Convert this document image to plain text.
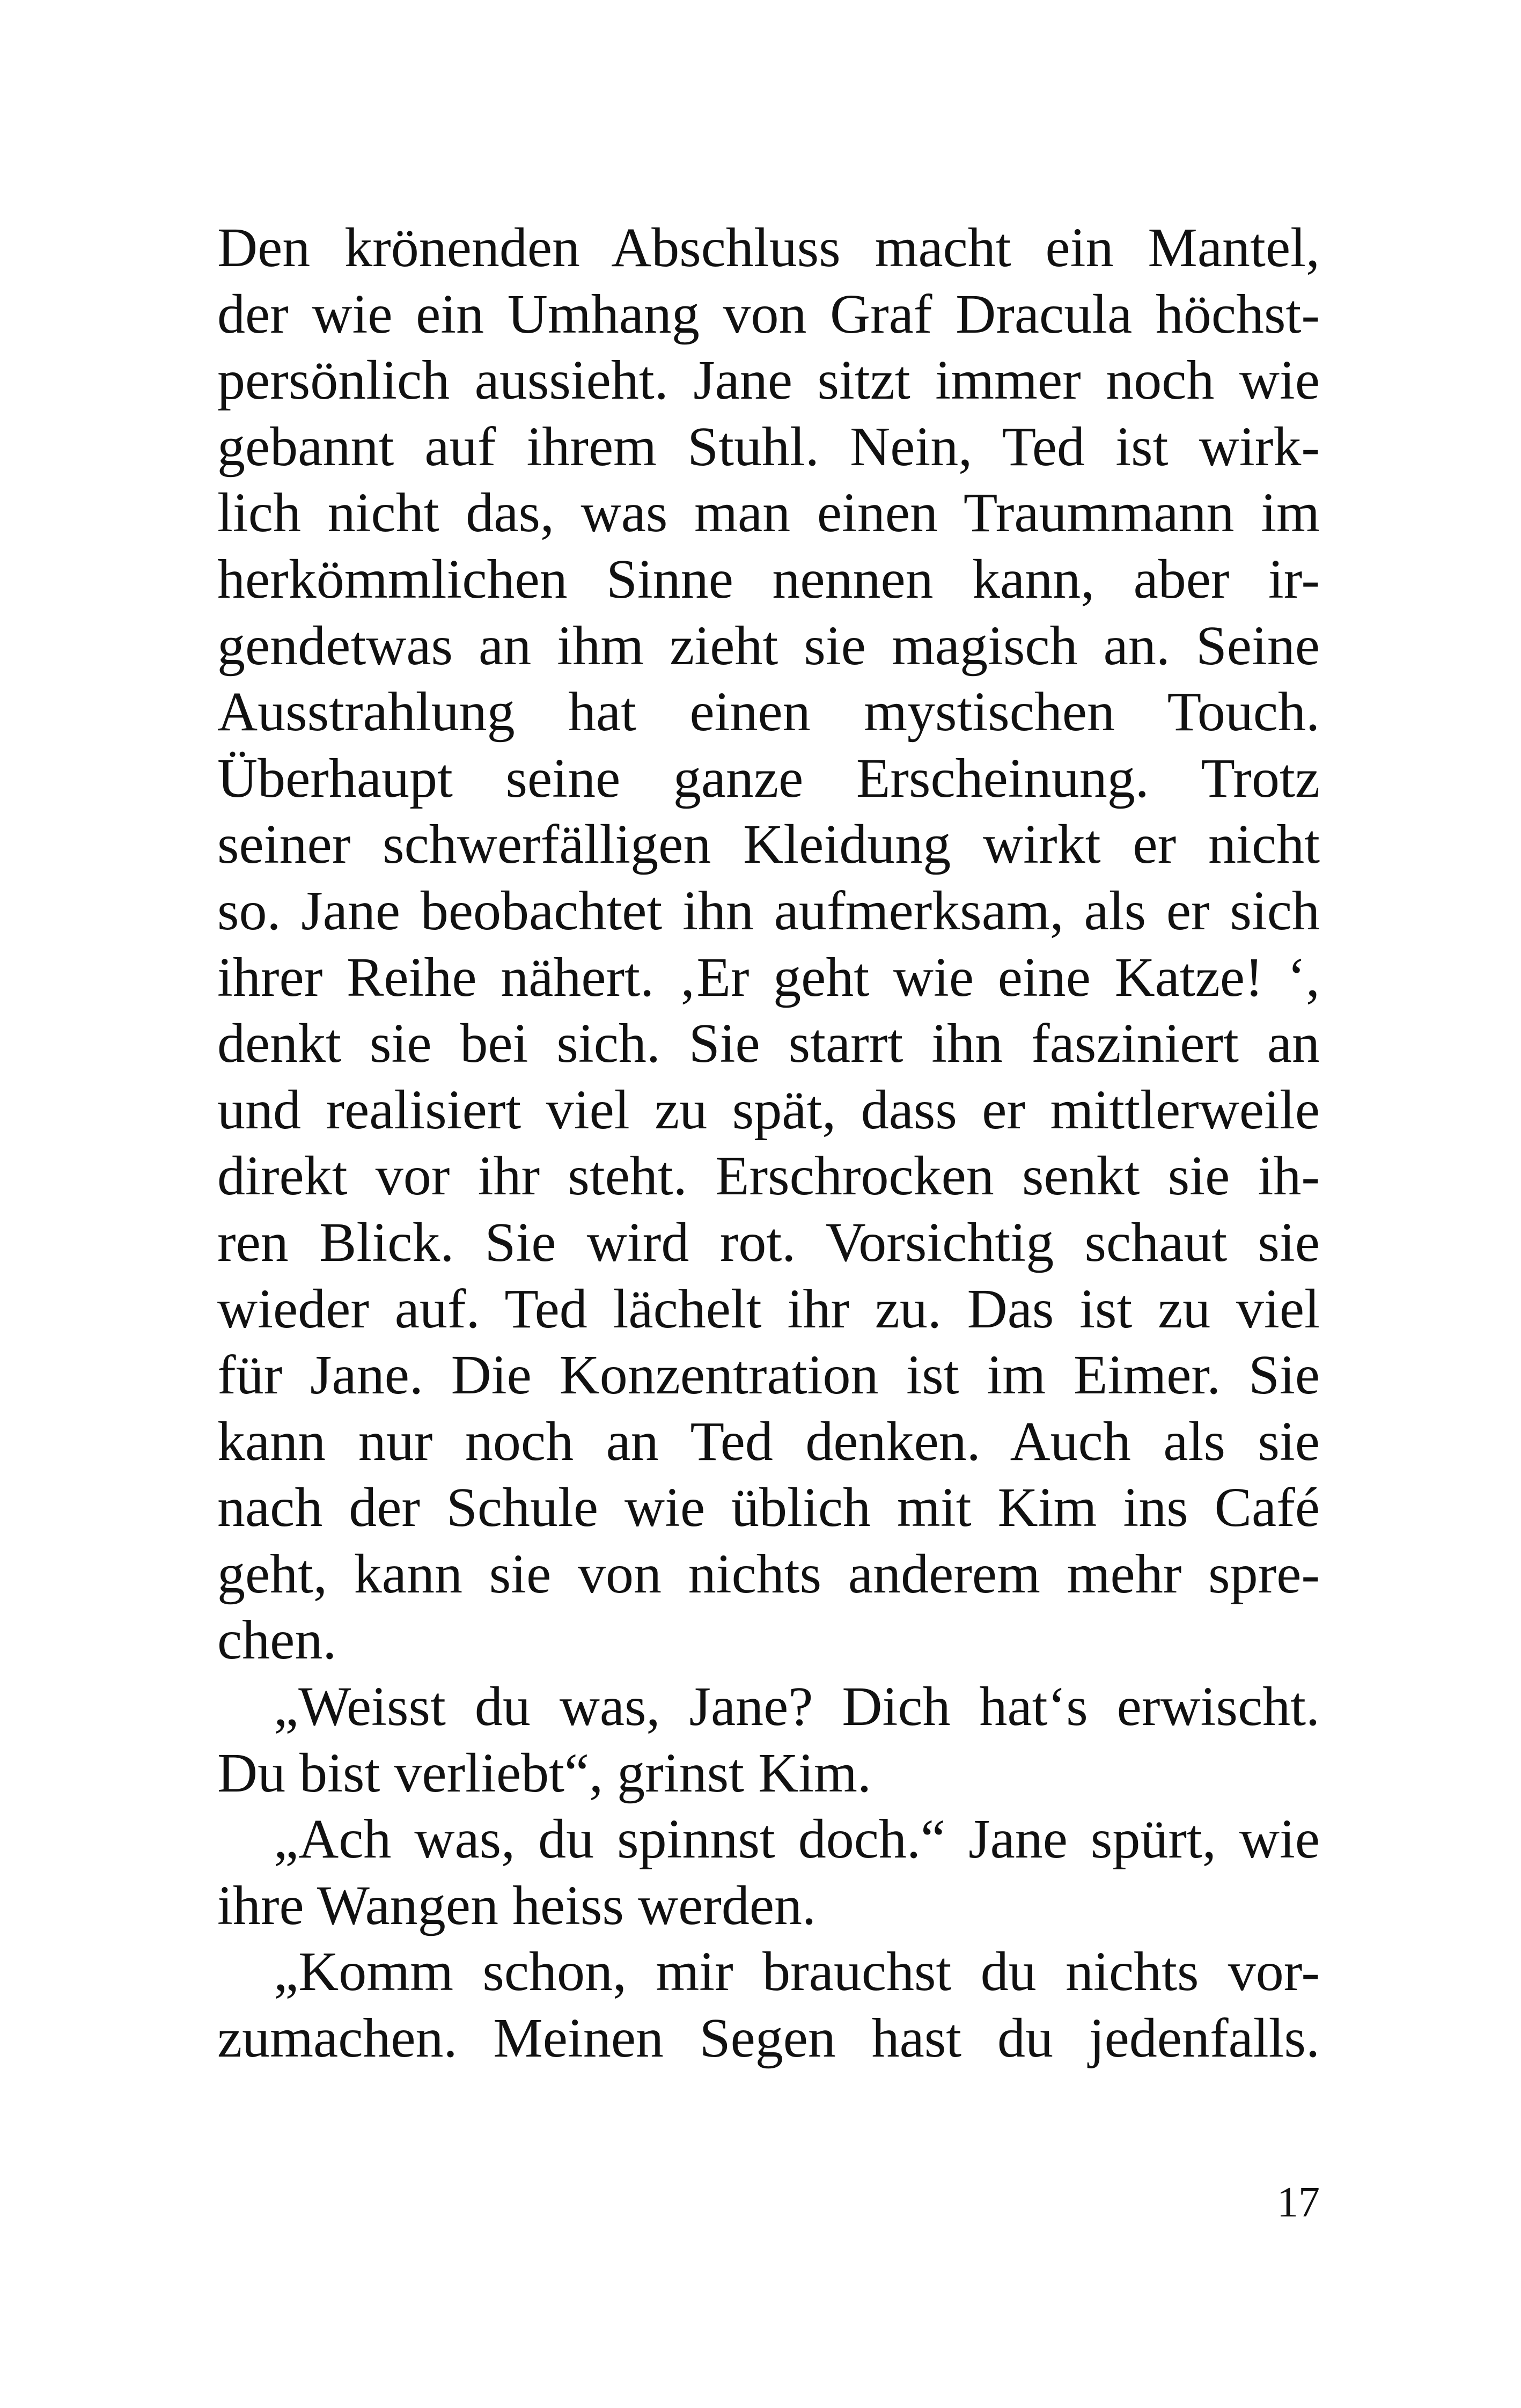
Den krönenden Abschluss macht ein Mantel,
der wie ein Umhang von Graf Dracula höchst-
persönlich aussieht. Jane sitzt immer noch wie
gebannt auf ihrem Stuhl. Nein, Ted ist wirk-
lich nicht das, was man einen Traummann im
herkömmlichen Sinne nennen kann, aber ir-
gendetwas an ihm zieht sie magisch an. Seine
Ausstrahlung hat einen mystischen Touch.
Überhaupt seine ganze Erscheinung. Trotz
seiner schwerfälligen Kleidung wirkt er nicht
so. Jane beobachtet ihn aufmerksam, als er sich
ihrer Reihe nähert. ‚Er geht wie eine Katze! ‘,
denkt sie bei sich. Sie starrt ihn fasziniert an
und realisiert viel zu spät, dass er mittlerweile
direkt vor ihr steht. Erschrocken senkt sie ih-
ren Blick. Sie wird rot. Vorsichtig schaut sie
wieder auf. Ted lächelt ihr zu. Das ist zu viel
für Jane. Die Konzentration ist im Eimer. Sie
kann nur noch an Ted denken. Auch als sie
nach der Schule wie üblich mit Kim ins Café
geht, kann sie von nichts anderem mehr spre-
chen.
„Weisst du was, Jane? Dich hat‘s erwischt.
Du bist verliebt“, grinst Kim.
„Ach was, du spinnst doch.“ Jane spürt, wie
ihre Wangen heiss werden.
„Komm schon, mir brauchst du nichts vor-
zumachen. Meinen Segen hast du jedenfalls.
17
